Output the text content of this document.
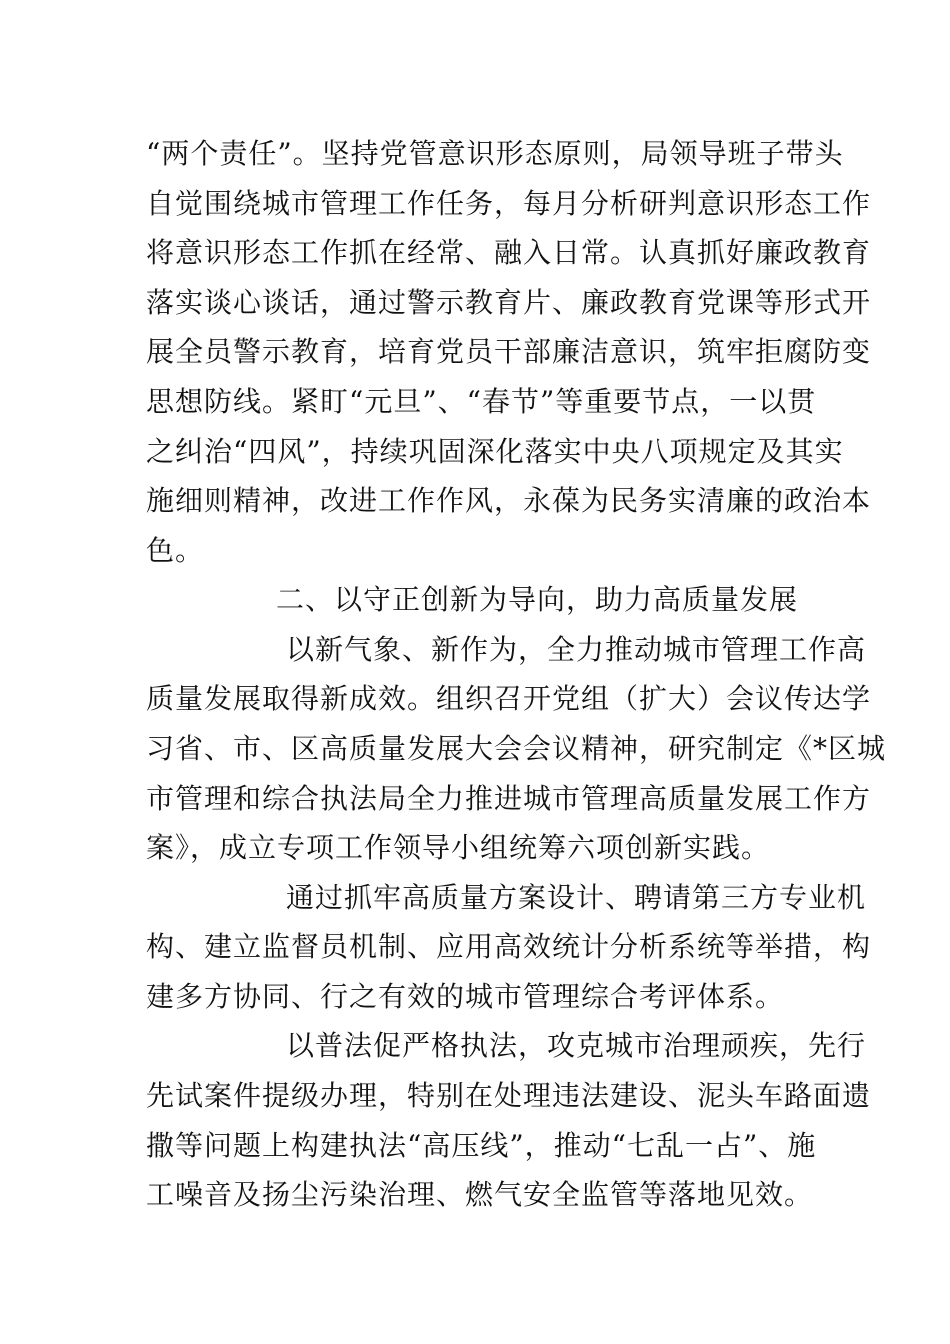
“两个责任”。坚持党管意识形态原则，局领导班子带头
自觉围绕城市管理工作任务，每月分析研判意识形态工作
将意识形态工作抓在经常、融入日常。认真抓好廉政教育
落实谈心谈话，通过警示教育片、廉政教育党课等形式开
展全员警示教育，培育党员干部廉洁意识，筑牢拒腐防变
思想防线。紧盯“元旦”、“春节”等重要节点，一以贯
之纠治“四风”，持续巩固深化落实中央八项规定及其实
施细则精神，改进工作作风，永葆为民务实清廉的政治本
色。
二、以守正创新为导向，助力高质量发展
以新气象、新作为，全力推动城市管理工作高
质量发展取得新成效。组织召开党组（扩大）会议传达学
习省、市、区高质量发展大会会议精神，研究制定《*区城
市管理和综合执法局全力推进城市管理高质量发展工作方
案》，成立专项工作领导小组统筹六项创新实践。
通过抓牢高质量方案设计、聘请第三方专业机
构、建立监督员机制、应用高效统计分析系统等举措，构
建多方协同、行之有效的城市管理综合考评体系。
以普法促严格执法，攻克城市治理顽疾，先行
先试案件提级办理，特别在处理违法建设、泥头车路面遗
撒等问题上构建执法“高压线”，推动“七乱一占”、施
工噪音及扬尘污染治理、燃气安全监管等落地见效。
